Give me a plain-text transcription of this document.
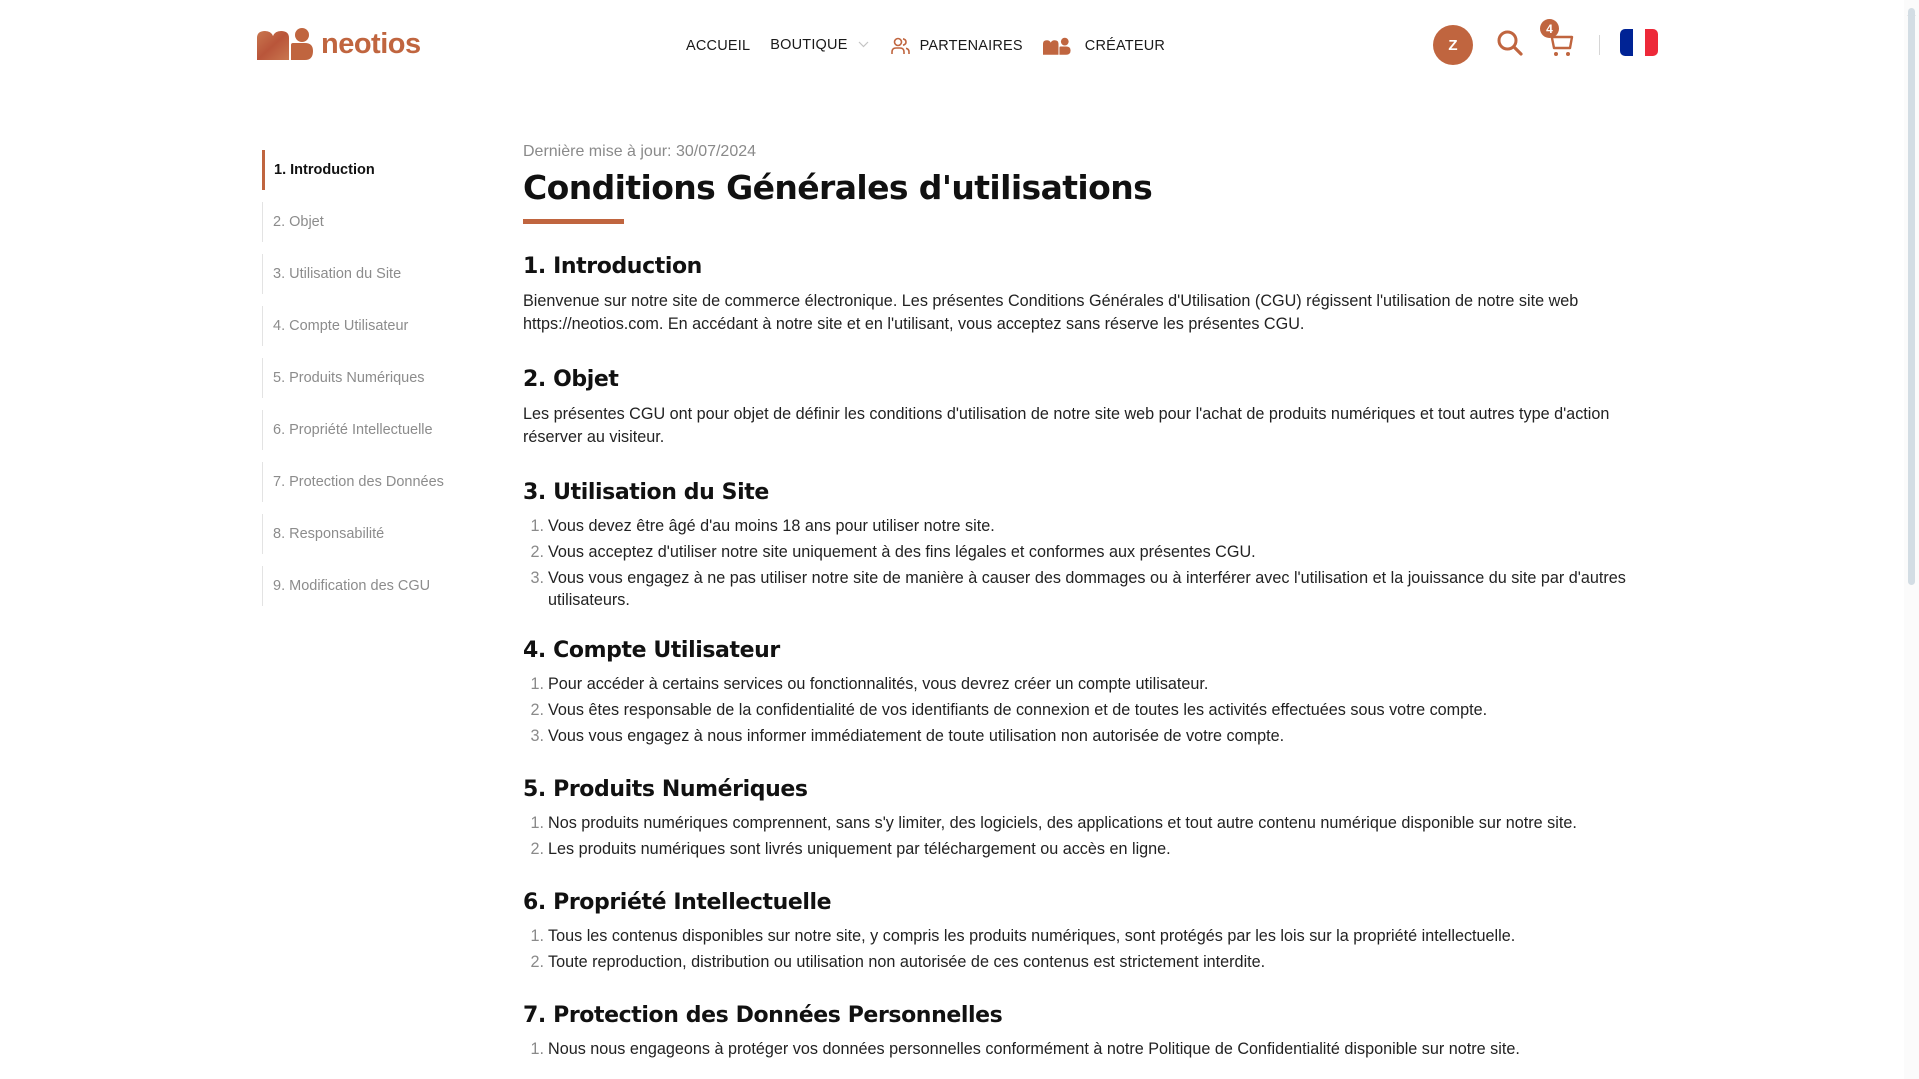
neotios	ACCUEIL BOUTIQUE	PARTENAIRES	CRÉATEUR	Z
4
1. Introduction
2. Objet
3. Utilisation du Site
4. Compte Utilisateur
5. Produits Numériques
6. Propriété Intellectuelle
7. Protection des Données
8. Responsabilité
9. Modification des CGU
Dernière mise à jour: 30/07/2024
Conditions Générales d'utilisations
1. Introduction

Bienvenue sur notre site de commerce électronique. Les présentes Conditions Générales d'Utilisation (CGU) régissent l'utilisation de notre site web https://neotios.com. En accédant à notre site et en l'utilisant, vous acceptez sans réserve les présentes CGU.

2. Objet

Les présentes CGU ont pour objet de définir les conditions d'utilisation de notre site web pour l'achat de produits numériques et tout autres type d'action réserver au visiteur.

3. Utilisation du Site
1. Vous devez être âgé d'au moins 18 ans pour utiliser notre site.
2. Vous acceptez d'utiliser notre site uniquement à des fins légales et conformes aux présentes CGU.
3. Vous vous engagez à ne pas utiliser notre site de manière à causer des dommages ou à interférer avec l'utilisation et la jouissance du site par d'autres utilisateurs.
4. Compte Utilisateur
1. Pour accéder à certains services ou fonctionnalités, vous devrez créer un compte utilisateur.
2. Vous êtes responsable de la confidentialité de vos identifiants de connexion et de toutes les activités effectuées sous votre compte.
3. Vous vous engagez à nous informer immédiatement de toute utilisation non autorisée de votre compte.
5. Produits Numériques
1. Nos produits numériques comprennent, sans s'y limiter, des logiciels, des applications et tout autre contenu numérique disponible sur notre site.
2. Les produits numériques sont livrés uniquement par téléchargement ou accès en ligne.
6. Propriété Intellectuelle
1. Tous les contenus disponibles sur notre site, y compris les produits numériques, sont protégés par les lois sur la propriété intellectuelle.
2. Toute reproduction, distribution ou utilisation non autorisée de ces contenus est strictement interdite.
7. Protection des Données Personnelles
1. Nous nous engageons à protéger vos données personnelles conformément à notre Politique de Confidentialité disponible sur notre site.
